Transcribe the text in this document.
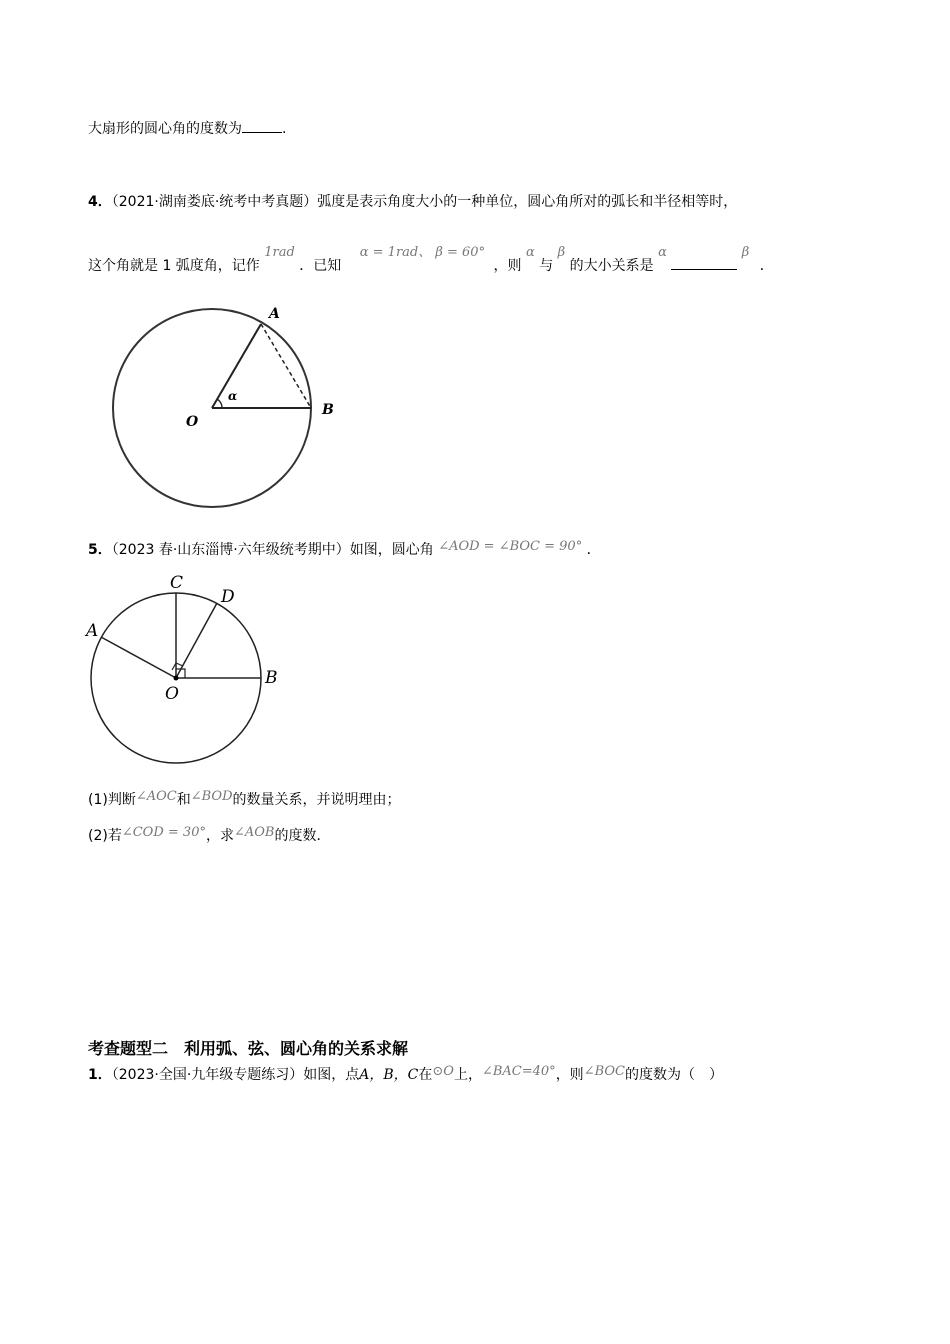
大扇形的圆心角的度数为	.
4．（2021·湖南娄底·统考中考真题）弧度是表示角度大小的一种单位，圆心角所对的弧长和半径相等时，
这个角就是 1 弧度角，记作 1rad ．已知 α = 1rad、 β = 60° ，则 α 与 β 的大小关系是 α	β ．
A
B
O
α
5．（2023 春·山东淄博·六年级统考期中）如图，圆心角 ∠AOD = ∠BOC = 90° ．
C
D
A
B
O
(1)判断∠AOC和∠BOD的数量关系，并说明理由；
(2)若∠COD = 30°，求∠AOB的度数．
考查题型二　利用弧、弦、圆心角的关系求解
1．（2023·全国·九年级专题练习）如图，点A，B，C在⊙O上，∠BAC=40°，则∠BOC的度数为（　）
